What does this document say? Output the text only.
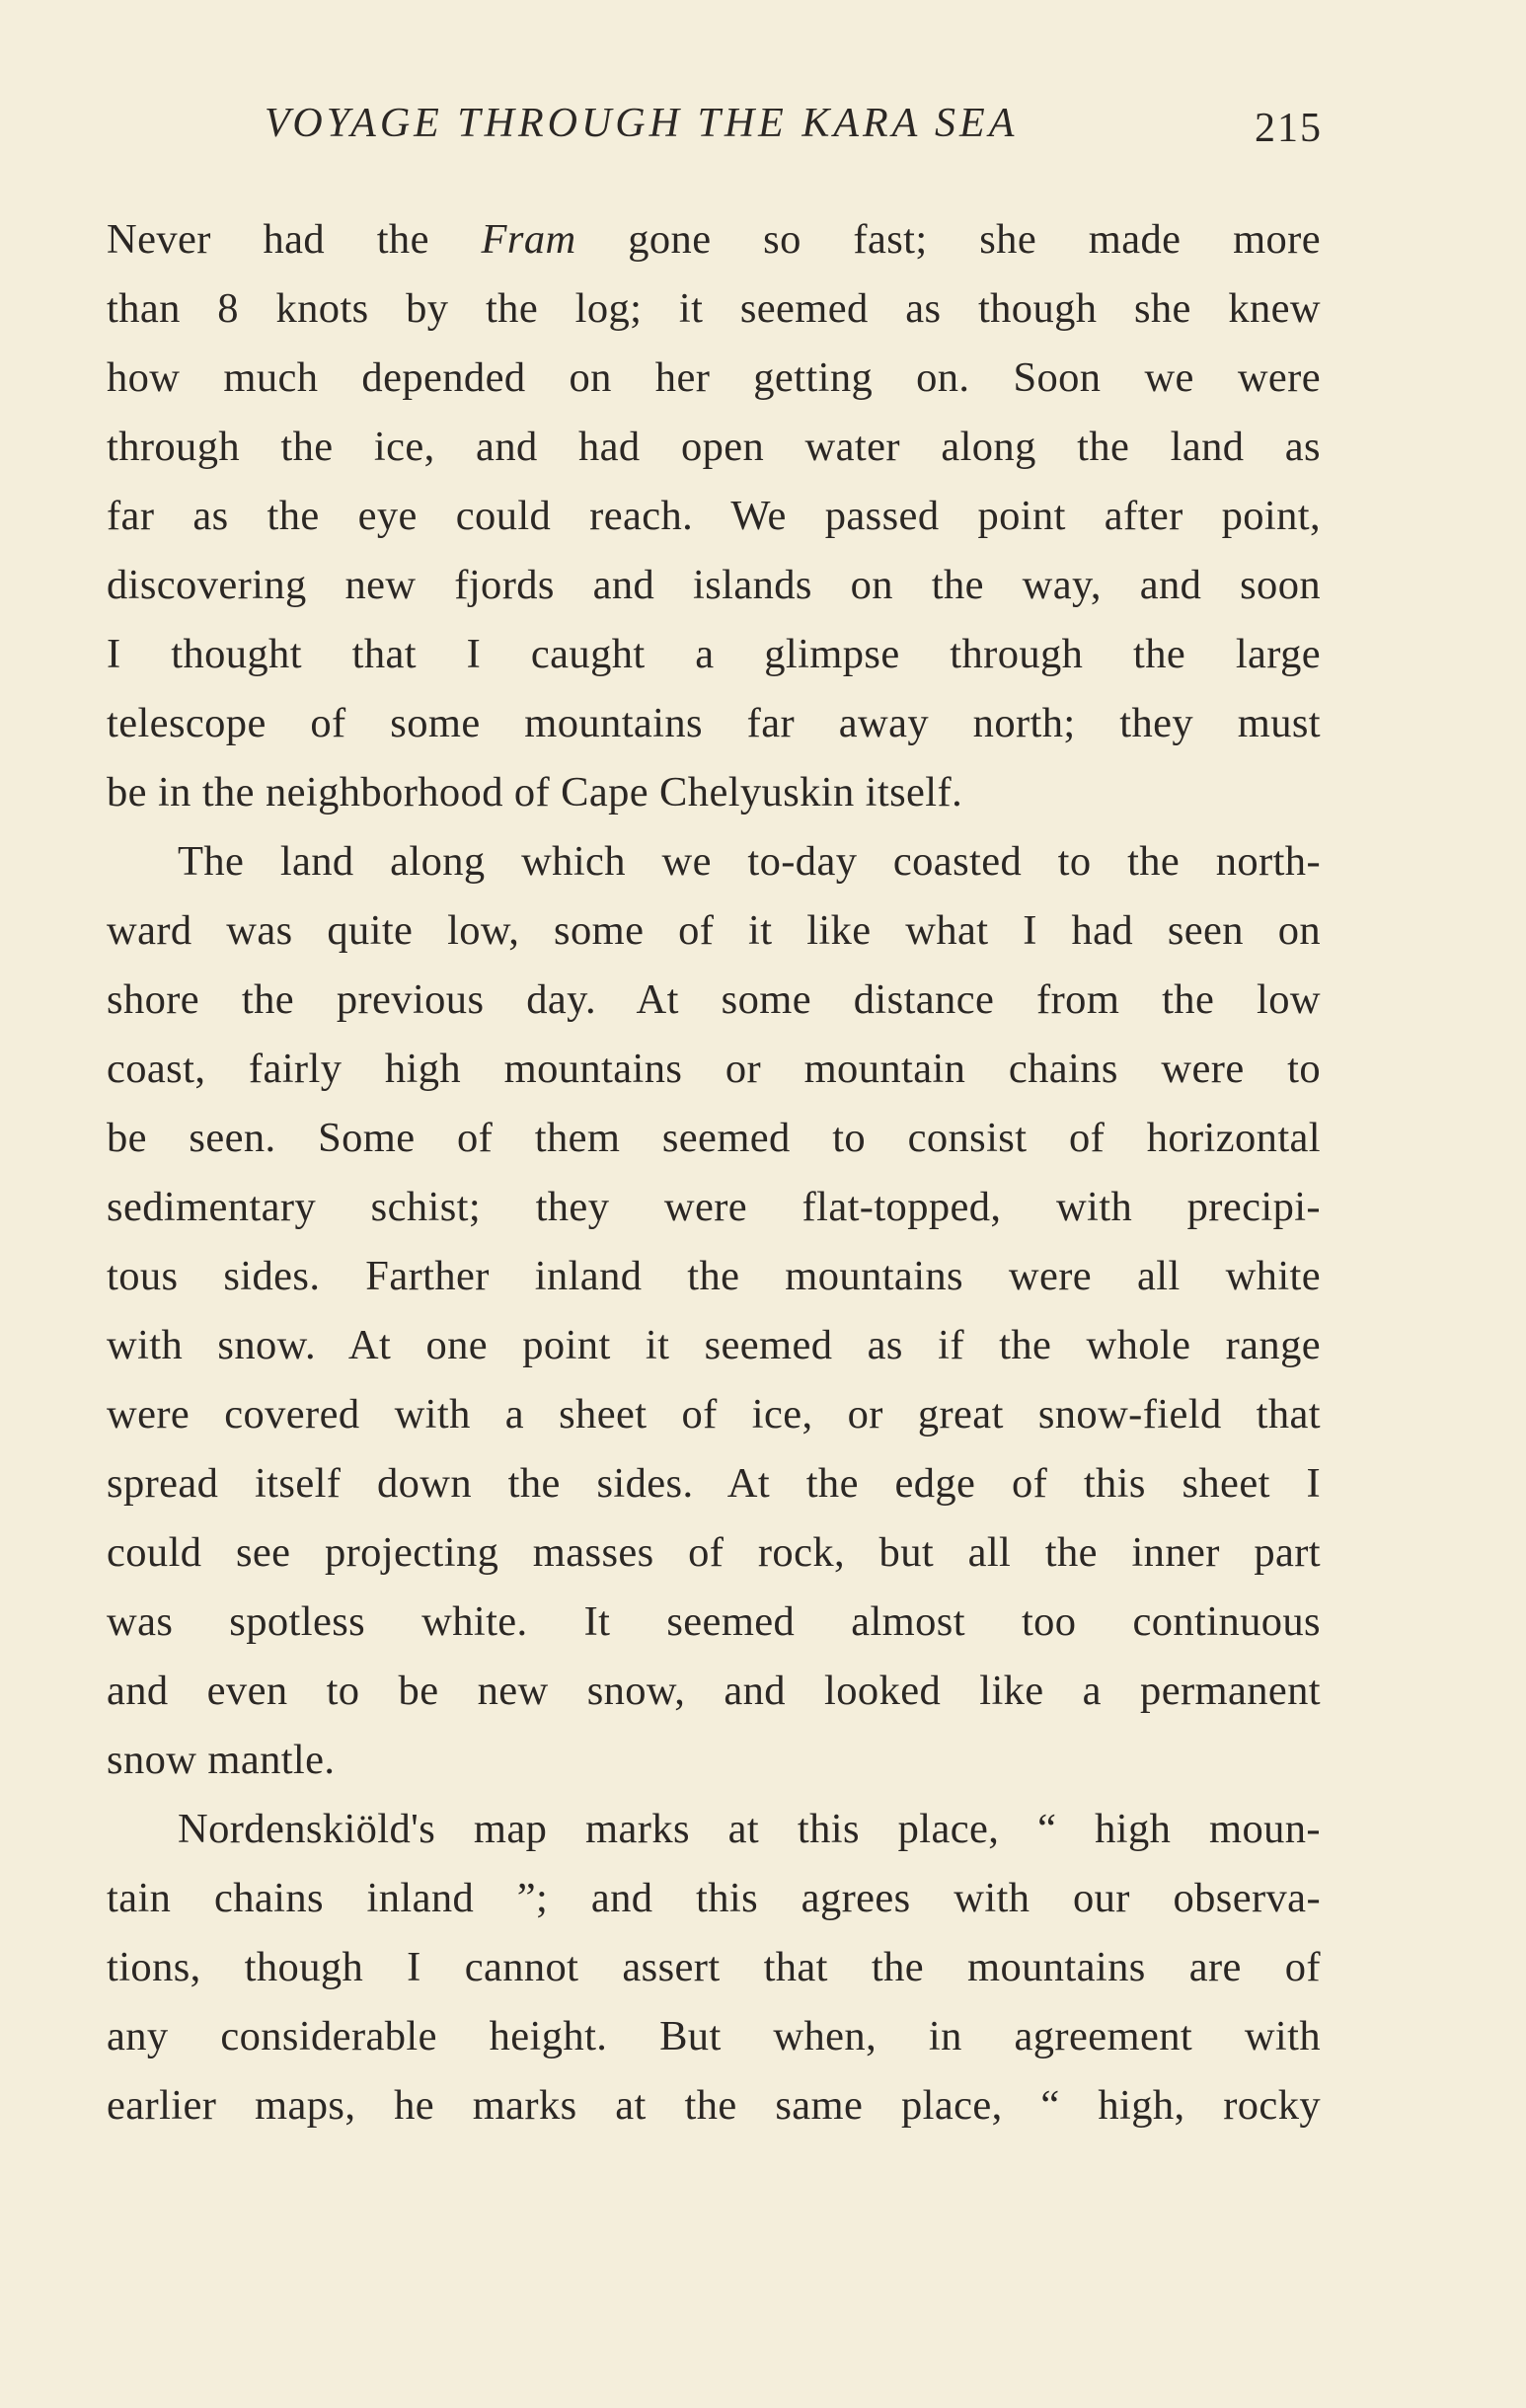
VOYAGE THROUGH THE KARA SEA	215
Never had the Fram gone so fast; she made more
than 8 knots by the log; it seemed as though she knew
how much depended on her getting on. Soon we were
through the ice, and had open water along the land as
far as the eye could reach. We passed point after point,
discovering new fjords and islands on the way, and soon
I thought that I caught a glimpse through the large
telescope of some mountains far away north; they must
be in the neighborhood of Cape Chelyuskin itself.
The land along which we to-day coasted to the north-
ward was quite low, some of it like what I had seen on
shore the previous day. At some distance from the low
coast, fairly high mountains or mountain chains were to
be seen. Some of them seemed to consist of horizontal
sedimentary schist; they were flat-topped, with precipi-
tous sides. Farther inland the mountains were all white
with snow. At one point it seemed as if the whole range
were covered with a sheet of ice, or great snow-field that
spread itself down the sides. At the edge of this sheet I
could see projecting masses of rock, but all the inner part
was spotless white. It seemed almost too continuous
and even to be new snow, and looked like a permanent
snow mantle.
Nordenskiöld's map marks at this place, “ high moun-
tain chains inland ”; and this agrees with our observa-
tions, though I cannot assert that the mountains are of
any considerable height. But when, in agreement with
earlier maps, he marks at the same place, “ high, rocky
